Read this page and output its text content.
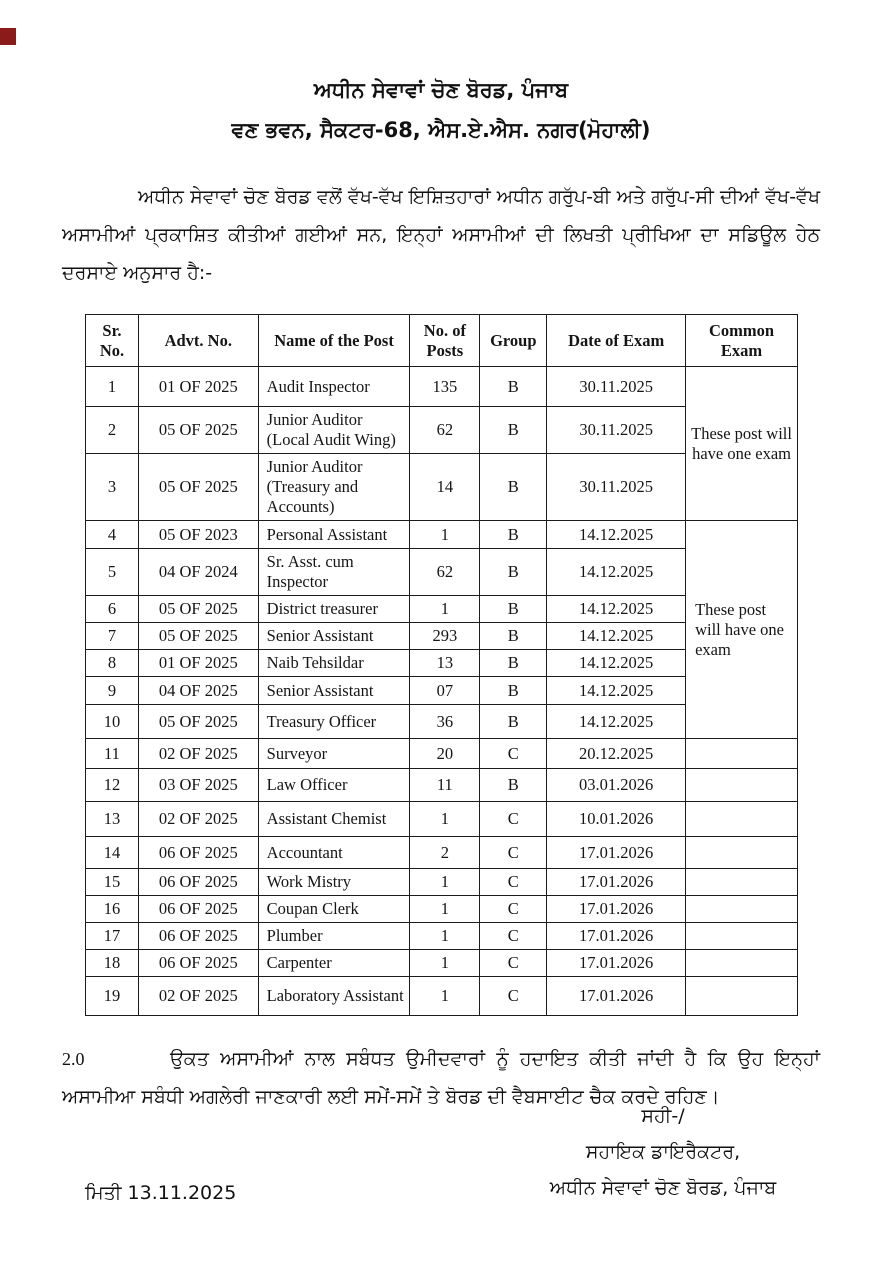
ਅਧੀਨ ਸੇਵਾਵਾਂ ਚੋਣ ਬੋਰਡ, ਪੰਜਾਬ
ਵਣ ਭਵਨ, ਸੈਕਟਰ-68, ਐਸ.ਏ.ਐਸ. ਨਗਰ(ਮੋਹਾਲੀ)
ਅਧੀਨ ਸੇਵਾਵਾਂ ਚੋਣ ਬੋਰਡ ਵਲੋਂ ਵੱਖ-ਵੱਖ ਇਸ਼ਿਤਹਾਰਾਂ ਅਧੀਨ ਗਰੁੱਪ-ਬੀ ਅਤੇ ਗਰੁੱਪ-ਸੀ ਦੀਆਂ ਵੱਖ-ਵੱਖ ਅਸਾਮੀਆਂ ਪ੍ਰਕਾਸ਼ਿਤ ਕੀਤੀਆਂ ਗਈਆਂ ਸਨ, ਇਨ੍ਹਾਂ ਅਸਾਮੀਆਂ ਦੀ ਲਿਖਤੀ ਪ੍ਰੀਖਿਆ ਦਾ ਸਡਿਊਲ ਹੇਠ ਦਰਸਾਏ ਅਨੁਸਾਰ ਹੈ:-
Sr. No.	Advt. No.	Name of the Post	No. of Posts	Group	Date of Exam	Common Exam
1	01 OF 2025	Audit Inspector	135	B	30.11.2025	These post will have one exam
2	05 OF 2025	Junior Auditor (Local Audit Wing)	62	B	30.11.2025	
3	05 OF 2025	Junior Auditor (Treasury and Accounts)	14	B	30.11.2025	
4	05 OF 2023	Personal Assistant	1	B	14.12.2025	These post will have one exam
5	04 OF 2024	Sr. Asst. cum Inspector	62	B	14.12.2025	
6	05 OF 2025	District treasurer	1	B	14.12.2025	
7	05 OF 2025	Senior Assistant	293	B	14.12.2025	
8	01 OF 2025	Naib Tehsildar	13	B	14.12.2025	
9	04 OF 2025	Senior Assistant	07	B	14.12.2025	
10	05 OF 2025	Treasury Officer	36	B	14.12.2025	
11	02 OF 2025	Surveyor	20	C	20.12.2025	
12	03 OF 2025	Law Officer	11	B	03.01.2026	
13	02 OF 2025	Assistant Chemist	1	C	10.01.2026	
14	06 OF 2025	Accountant	2	C	17.01.2026	
15	06 OF 2025	Work Mistry	1	C	17.01.2026	
16	06 OF 2025	Coupan Clerk	1	C	17.01.2026	
17	06 OF 2025	Plumber	1	C	17.01.2026	
18	06 OF 2025	Carpenter	1	C	17.01.2026	
19	02 OF 2025	Laboratory Assistant	1	C	17.01.2026	
2.0	ਉਕਤ ਅਸਾਮੀਆਂ ਨਾਲ ਸਬੰਧਤ ਉਮੀਦਵਾਰਾਂ ਨੂੰ ਹਦਾਇਤ ਕੀਤੀ ਜਾਂਦੀ ਹੈ ਕਿ ਉਹ ਇਨ੍ਹਾਂ ਅਸਾਮੀਆ ਸਬੰਧੀ ਅਗਲੇਰੀ ਜਾਣਕਾਰੀ ਲਈ ਸਮੇਂ-ਸਮੇਂ ਤੇ ਬੋਰਡ ਦੀ ਵੈਬਸਾਈਟ ਚੈਕ ਕਰਦੇ ਰਹਿਣ।
ਮਿਤੀ 13.11.2025
ਸਹੀ-/
ਸਹਾਇਕ ਡਾਇਰੈਕਟਰ,
ਅਧੀਨ ਸੇਵਾਵਾਂ ਚੋਣ ਬੋਰਡ, ਪੰਜਾਬ
